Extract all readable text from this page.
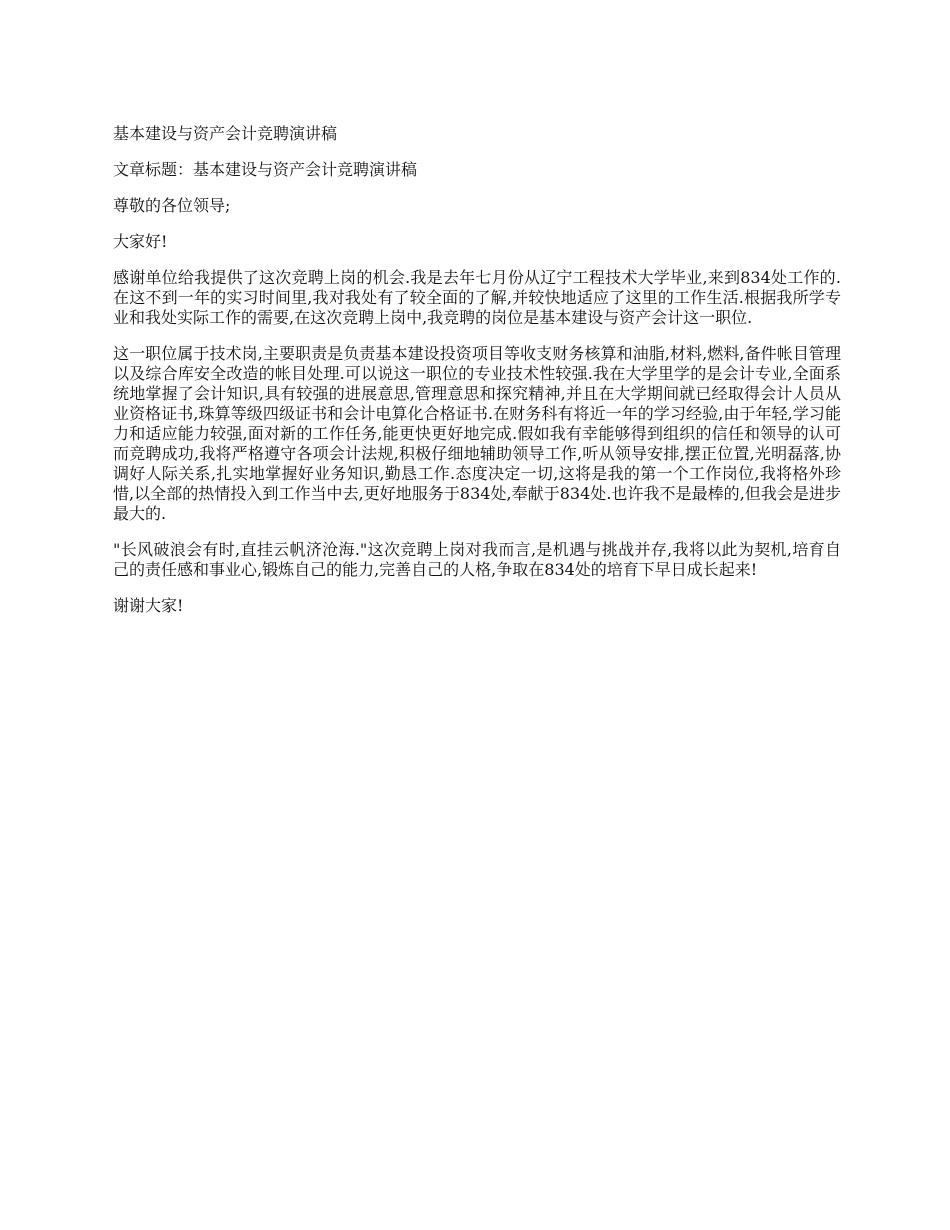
基本建设与资产会计竞聘演讲稿

文章标题：基本建设与资产会计竞聘演讲稿

尊敬的各位领导;

大家好!

感谢单位给我提供了这次竞聘上岗的机会.我是去年七月份从辽宁工程技术大学毕业,来到834处工作的.在这不到一年的实习时间里,我对我处有了较全面的了解,并较快地适应了这里的工作生活.根据我所学专业和我处实际工作的需要,在这次竞聘上岗中,我竞聘的岗位是基本建设与资产会计这一职位.

这一职位属于技术岗,主要职责是负责基本建设投资项目等收支财务核算和油脂,材料,燃料,备件帐目管理以及综合库安全改造的帐目处理.可以说这一职位的专业技术性较强.我在大学里学的是会计专业,全面系统地掌握了会计知识,具有较强的进展意思,管理意思和探究精神,并且在大学期间就已经取得会计人员从业资格证书,珠算等级四级证书和会计电算化合格证书.在财务科有将近一年的学习经验,由于年轻,学习能力和适应能力较强,面对新的工作任务,能更快更好地完成.假如我有幸能够得到组织的信任和领导的认可而竞聘成功,我将严格遵守各项会计法规,积极仔细地辅助领导工作,听从领导安排,摆正位置,光明磊落,协调好人际关系,扎实地掌握好业务知识,勤恳工作.态度决定一切,这将是我的第一个工作岗位,我将格外珍惜,以全部的热情投入到工作当中去,更好地服务于834处,奉献于834处.也许我不是最棒的,但我会是进步最大的.

"长风破浪会有时,直挂云帆济沧海."这次竞聘上岗对我而言,是机遇与挑战并存,我将以此为契机,培育自己的责任感和事业心,锻炼自己的能力,完善自己的人格,争取在834处的培育下早日成长起来!

谢谢大家!
